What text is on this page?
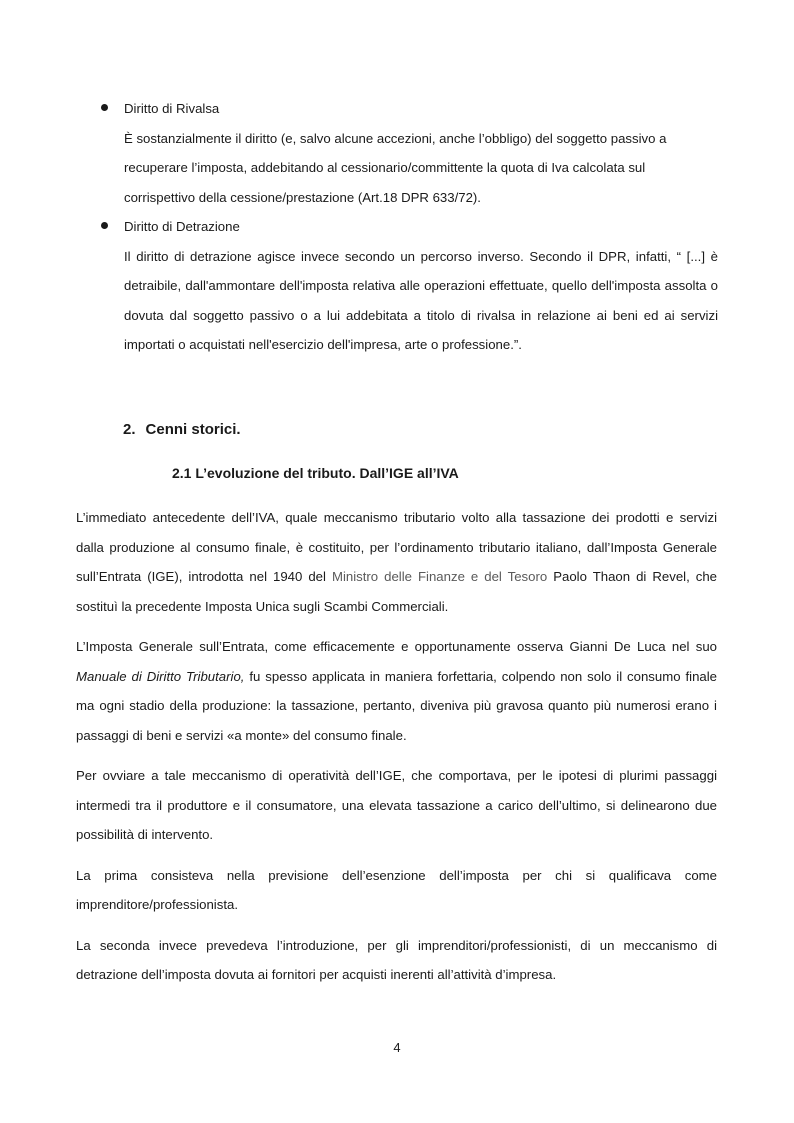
Diritto di Rivalsa
È sostanzialmente il diritto (e, salvo alcune accezioni, anche l’obbligo) del soggetto passivo a recuperare l’imposta, addebitando al cessionario/committente la quota di Iva calcolata sul corrispettivo della cessione/prestazione (Art.18 DPR 633/72).
Diritto di Detrazione
Il diritto di detrazione agisce invece secondo un percorso inverso. Secondo il DPR, infatti, “ [...] è detraibile, dall'ammontare dell'imposta relativa alle operazioni effettuate, quello dell'imposta assolta o dovuta dal soggetto passivo o a lui addebitata a titolo di rivalsa in relazione ai beni ed ai servizi importati o acquistati nell'esercizio dell'impresa, arte o professione.”.
2. Cenni storici.
2.1 L’evoluzione del tributo. Dall’IGE all’IVA

L’immediato antecedente dell’IVA, quale meccanismo tributario volto alla tassazione dei prodotti e servizi dalla produzione al consumo finale, è costituito, per l’ordinamento tributario italiano, dall’Imposta Generale sull’Entrata (IGE), introdotta nel 1940 del Ministro delle Finanze e del Tesoro Paolo Thaon di Revel, che sostituì la precedente Imposta Unica sugli Scambi Commerciali.

L’Imposta Generale sull’Entrata, come efficacemente e opportunamente osserva Gianni De Luca nel suo Manuale di Diritto Tributario, fu spesso applicata in maniera forfettaria, colpendo non solo il consumo finale ma ogni stadio della produzione: la tassazione, pertanto, diveniva più gravosa quanto più numerosi erano i passaggi di beni e servizi «a monte» del consumo finale.

Per ovviare a tale meccanismo di operatività dell’IGE, che comportava, per le ipotesi di plurimi passaggi intermedi tra il produttore e il consumatore, una elevata tassazione a carico dell’ultimo, si delinearono due possibilità di intervento.

La prima consisteva nella previsione dell’esenzione dell’imposta per chi si qualificava come imprenditore/professionista.

La seconda invece prevedeva l’introduzione, per gli imprenditori/professionisti, di un meccanismo di detrazione dell’imposta dovuta ai fornitori per acquisti inerenti all’attività d’impresa.

4
